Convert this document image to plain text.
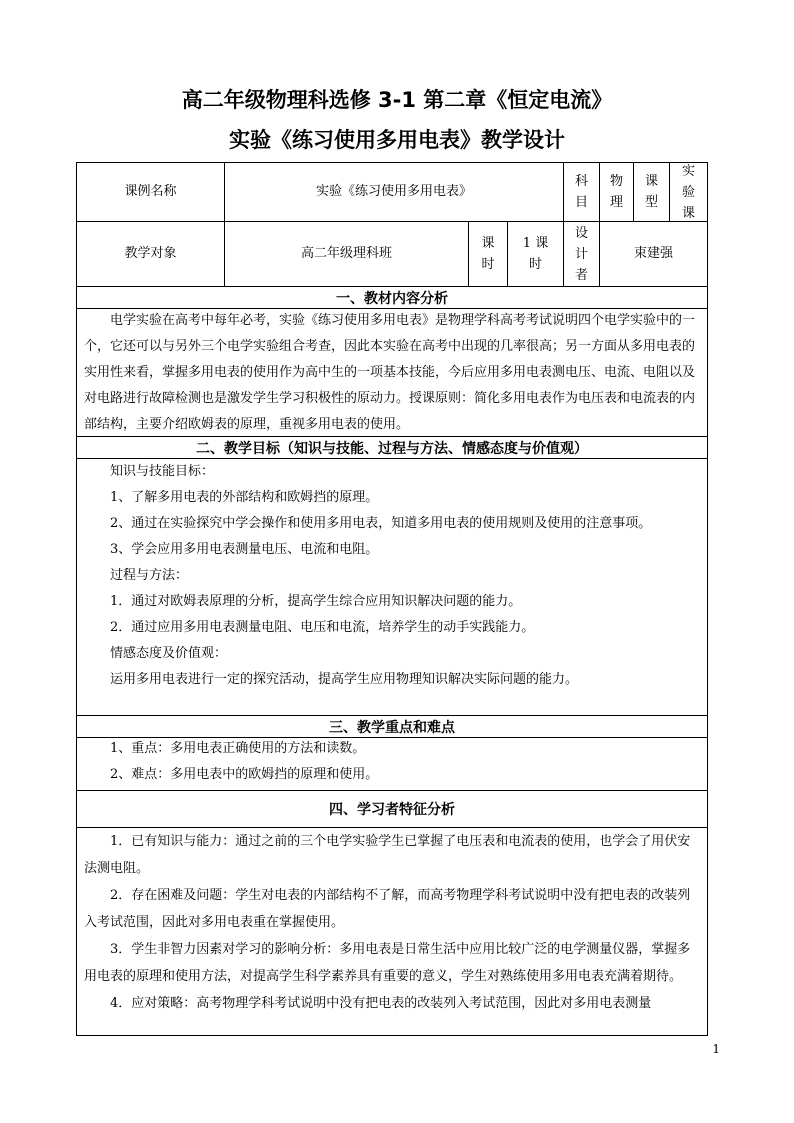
高二年级物理科选修 3-1 第二章《恒定电流》
实验《练习使用多用电表》教学设计
课例名称	实验《练习使用多用电表》
科
目
物
理
课
型
实
验
课
教学对象	高二年级理科班
课
时
1 课
时
设
计
者
束建强
一、教材内容分析

电学实验在高考中每年必考，实验《练习使用多用电表》是物理学科高考考试说明四个电学实验中的一个，它还可以与另外三个电学实验组合考查，因此本实验在高考中出现的几率很高；另一方面从多用电表的实用性来看，掌握多用电表的使用作为高中生的一项基本技能，今后应用多用电表测电压、电流、电阻以及对电路进行故障检测也是激发学生学习积极性的原动力。授课原则：简化多用电表作为电压表和电流表的内部结构，主要介绍欧姆表的原理，重视多用电表的使用。

二、教学目标（知识与技能、过程与方法、情感态度与价值观）

知识与技能目标：

1、了解多用电表的外部结构和欧姆挡的原理。

2、通过在实验探究中学会操作和使用多用电表，知道多用电表的使用规则及使用的注意事项。

3、学会应用多用电表测量电压、电流和电阻。

过程与方法：

1．通过对欧姆表原理的分析，提高学生综合应用知识解决问题的能力。

2．通过应用多用电表测量电阻、电压和电流，培养学生的动手实践能力。

情感态度及价值观：

运用多用电表进行一定的探究活动，提高学生应用物理知识解决实际问题的能力。

三、教学重点和难点

1、重点：多用电表正确使用的方法和读数。

2、难点：多用电表中的欧姆挡的原理和使用。

四、学习者特征分析

1．已有知识与能力：通过之前的三个电学实验学生已掌握了电压表和电流表的使用，也学会了用伏安法测电阻。

2．存在困难及问题：学生对电表的内部结构不了解，而高考物理学科考试说明中没有把电表的改装列入考试范围，因此对多用电表重在掌握使用。

3．学生非智力因素对学习的影响分析：多用电表是日常生活中应用比较广泛的电学测量仪器，掌握多用电表的原理和使用方法，对提高学生科学素养具有重要的意义，学生对熟练使用多用电表充满着期待。

4．应对策略：高考物理学科考试说明中没有把电表的改装列入考试范围，因此对多用电表测量

1
